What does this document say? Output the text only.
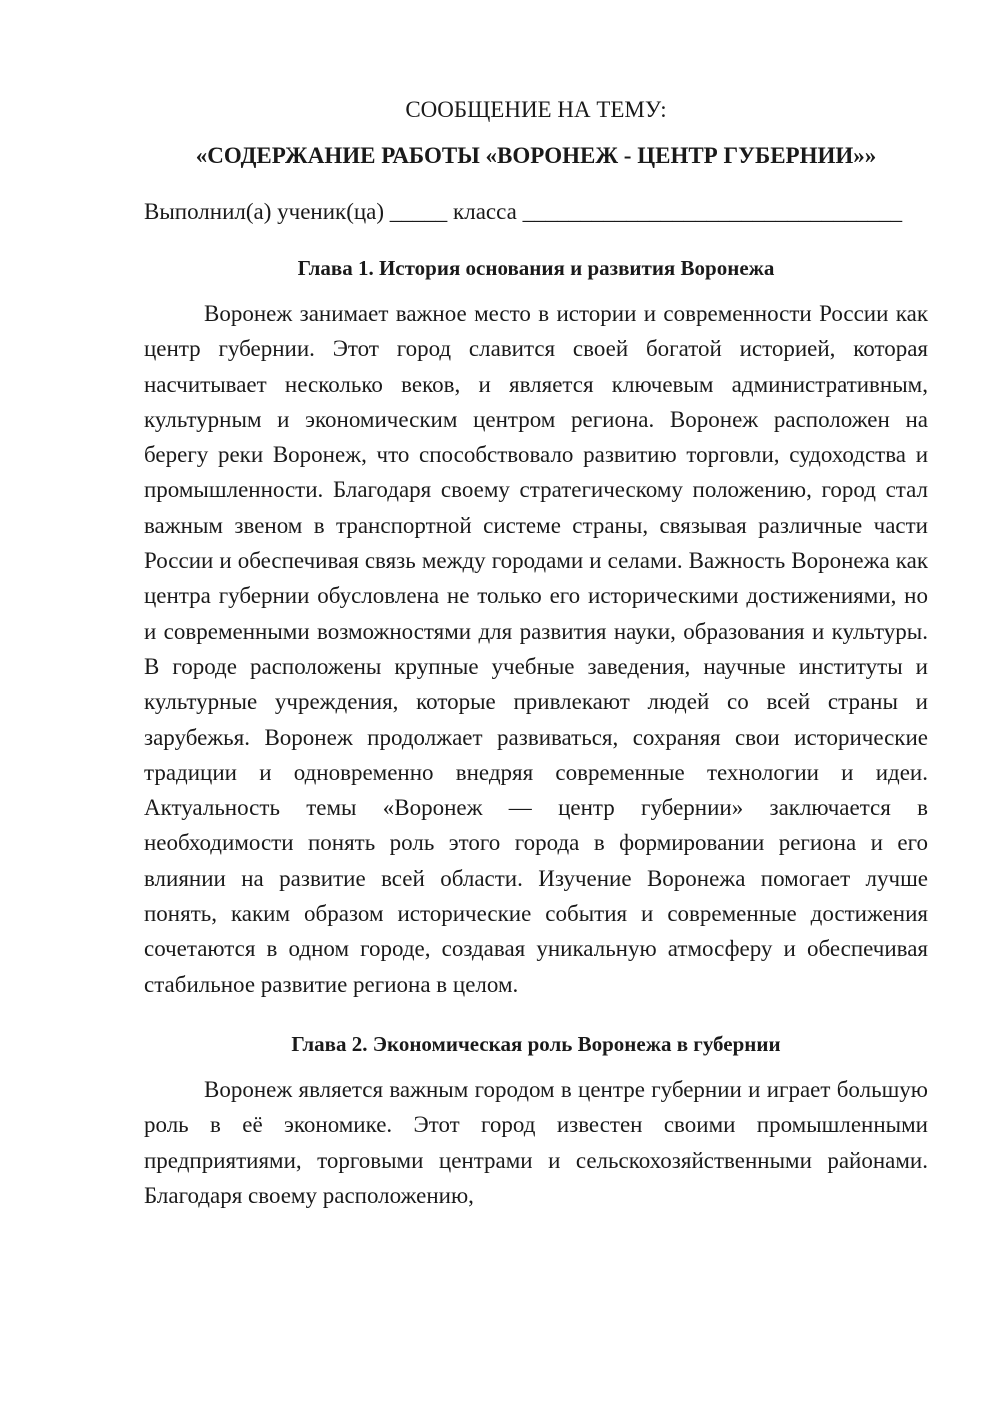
СООБЩЕНИЕ НА ТЕМУ:
«СОДЕРЖАНИЕ РАБОТЫ «ВОРОНЕЖ - ЦЕНТР ГУБЕРНИИ»»

Выполнил(а) ученик(ца) _____ класса _________________________________

Глава 1. История основания и развития Воронежа

Воронеж занимает важное место в истории и современности России как центр губернии. Этот город славится своей богатой историей, которая насчитывает несколько веков, и является ключевым административным, культурным и экономическим центром региона. Воронеж расположен на берегу реки Воронеж, что способствовало развитию торговли, судоходства и промышленности. Благодаря своему стратегическому положению, город стал важным звеном в транспортной системе страны, связывая различные части России и обеспечивая связь между городами и селами. Важность Воронежа как центра губернии обусловлена не только его историческими достижениями, но и современными возможностями для развития науки, образования и культуры. В городе расположены крупные учебные заведения, научные институты и культурные учреждения, которые привлекают людей со всей страны и зарубежья. Воронеж продолжает развиваться, сохраняя свои исторические традиции и одновременно внедряя современные технологии и идеи. Актуальность темы «Воронеж — центр губернии» заключается в необходимости понять роль этого города в формировании региона и его влиянии на развитие всей области. Изучение Воронежа помогает лучше понять, каким образом исторические события и современные достижения сочетаются в одном городе, создавая уникальную атмосферу и обеспечивая стабильное развитие региона в целом.

Глава 2. Экономическая роль Воронежа в губернии

Воронеж является важным городом в центре губернии и играет большую роль в её экономике. Этот город известен своими промышленными предприятиями, торговыми центрами и сельскохозяйственными районами. Благодаря своему расположению,
